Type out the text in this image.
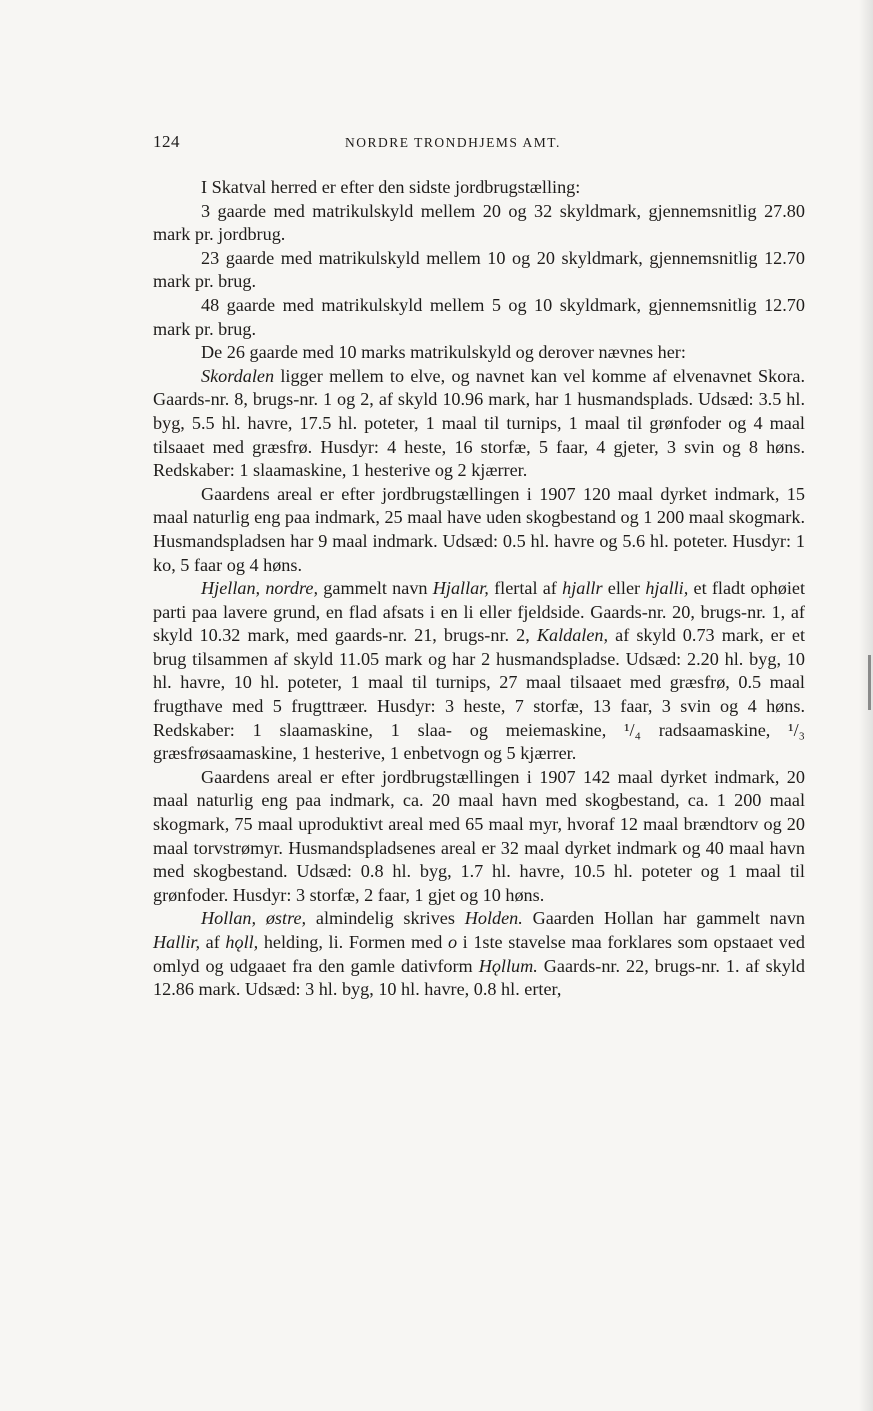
124	NORDRE TRONDHJEMS AMT.

I Skatval herred er efter den sidste jordbrugstælling:

3 gaarde med matrikulskyld mellem 20 og 32 skyldmark, gjennemsnitlig 27.80 mark pr. jordbrug.

23 gaarde med matrikulskyld mellem 10 og 20 skyldmark, gjennemsnitlig 12.70 mark pr. brug.

48 gaarde med matrikulskyld mellem 5 og 10 skyldmark, gjennemsnitlig 12.70 mark pr. brug.

De 26 gaarde med 10 marks matrikulskyld og derover nævnes her:

Skordalen ligger mellem to elve, og navnet kan vel komme af elvenavnet Skora. Gaards-nr. 8, brugs-nr. 1 og 2, af skyld 10.96 mark, har 1 husmandsplads. Udsæd: 3.5 hl. byg, 5.5 hl. havre, 17.5 hl. poteter, 1 maal til turnips, 1 maal til grønfoder og 4 maal tilsaaet med græsfrø. Husdyr: 4 heste, 16 storfæ, 5 faar, 4 gjeter, 3 svin og 8 høns. Redskaber: 1 slaamaskine, 1 hesterive og 2 kjærrer.

Gaardens areal er efter jordbrugstællingen i 1907 120 maal dyrket indmark, 15 maal naturlig eng paa indmark, 25 maal have uden skogbestand og 1 200 maal skogmark. Husmandspladsen har 9 maal indmark. Udsæd: 0.5 hl. havre og 5.6 hl. poteter. Husdyr: 1 ko, 5 faar og 4 høns.

Hjellan, nordre, gammelt navn Hjallar, flertal af hjallr eller hjalli, et fladt ophøiet parti paa lavere grund, en flad afsats i en li eller fjeldside. Gaards-nr. 20, brugs-nr. 1, af skyld 10.32 mark, med gaards-nr. 21, brugs-nr. 2, Kaldalen, af skyld 0.73 mark, er et brug tilsammen af skyld 11.05 mark og har 2 husmandspladse. Udsæd: 2.20 hl. byg, 10 hl. havre, 10 hl. poteter, 1 maal til turnips, 27 maal tilsaaet med græsfrø, 0.5 maal frugthave med 5 frugttræer. Husdyr: 3 heste, 7 storfæ, 13 faar, 3 svin og 4 høns. Redskaber: 1 slaamaskine, 1 slaa- og meiemaskine, ¹/₄ radsaamaskine, ¹/₃ græsfrøsaamaskine, 1 hesterive, 1 enbetvogn og 5 kjærrer.

Gaardens areal er efter jordbrugstællingen i 1907 142 maal dyrket indmark, 20 maal naturlig eng paa indmark, ca. 20 maal havn med skogbestand, ca. 1 200 maal skogmark, 75 maal uproduktivt areal med 65 maal myr, hvoraf 12 maal brændtorv og 20 maal torvstrømyr. Husmandspladsenes areal er 32 maal dyrket indmark og 40 maal havn med skogbestand. Udsæd: 0.8 hl. byg, 1.7 hl. havre, 10.5 hl. poteter og 1 maal til grønfoder. Husdyr: 3 storfæ, 2 faar, 1 gjet og 10 høns.

Hollan, østre, almindelig skrives Holden. Gaarden Hollan har gammelt navn Hallir, af hǫll, helding, li. Formen med o i 1ste stavelse maa forklares som opstaaet ved omlyd og udgaaet fra den gamle dativform Hǫllum. Gaards-nr. 22, brugs-nr. 1. af skyld 12.86 mark. Udsæd: 3 hl. byg, 10 hl. havre, 0.8 hl. erter,
